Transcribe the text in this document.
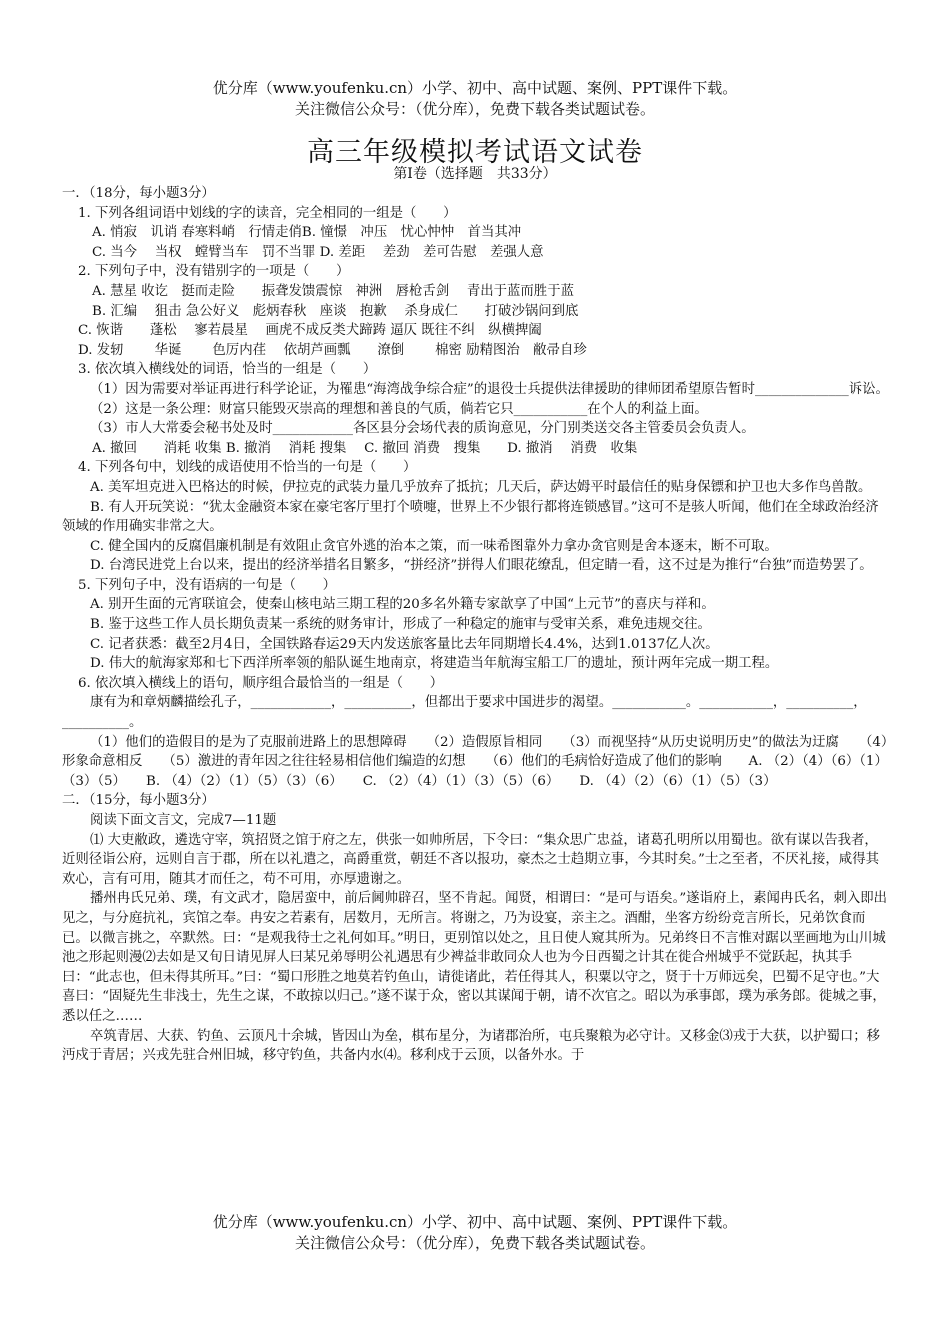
优分库（www.youfenku.cn）小学、初中、高中试题、案例、PPT课件下载。
关注微信公众号：（优分库），免费下载各类试题试卷。
高三年级模拟考试语文试卷
第Ⅰ卷（选择题　共33分）

一．（18分，每小题3分）

1. 下列各组词语中划线的字的读音，完全相同的一组是（　　）

A. 悄寂　讥诮 春寒料峭　行情走俏B. 憧憬　冲压　忧心忡忡　首当其冲

C. 当今　 当权　螳臂当车　罚不当罪 D. 差距　 差劲　差可告慰　差强人意

2. 下列句子中，没有错别字的一项是（　　）

A. 慧星 收讫　挺而走险　　振聋发馈震惊　神洲　唇枪舌剑　 青出于蓝而胜于蓝

B. 汇编　 狙击 急公好义　彪炳春秋　座谈　抱歉　 杀身成仁　　打破沙锅问到底

C. 恢谐　　蓬松　 寥若晨星　 画虎不成反类犬蹄踌 逼仄 既往不纠　纵横捭阖

D. 发轫　　 华诞　　 色厉内荏　 依胡芦画瓢　　潦倒　　 棉密 励精图治　敝帚自珍

3. 依次填入横线处的词语，恰当的一组是（　　）

（1）因为需要对举证再进行科学论证，为罹患“海湾战争综合症”的退役士兵提供法律援助的律师团希望原告暂时______________诉讼。

（2）这是一条公理：财富只能毁灭崇高的理想和善良的气质，倘若它只___________在个人的利益上面。

（3）市人大常委会秘书处及时____________各区县分会场代表的质询意见，分门别类送交各主管委员会负责人。

A. 撤回　　消耗 收集 B. 撤消　 消耗 搜集　 C. 撤回 消费　搜集　　D. 撤消　 消费　收集

4. 下列各句中，划线的成语使用不恰当的一句是（　　）

A. 美军坦克进入巴格达的时候，伊拉克的武装力量几乎放弃了抵抗；几天后，萨达姆平时最信任的贴身保镖和护卫也大多作鸟兽散。

B. 有人开玩笑说：“犹太金融资本家在豪宅客厅里打个喷嚏，世界上不少银行都将连锁感冒。”这可不是骇人听闻，他们在全球政治经济领域的作用确实非常之大。

C. 健全国内的反腐倡廉机制是有效阻止贪官外逃的治本之策，而一味希图靠外力拿办贪官则是舍本逐末，断不可取。

D. 台湾民进党上台以来，提出的经济举措名目繁多，“拼经济”拼得人们眼花缭乱，但定睛一看，这不过是为推行“台独”而造势罢了。

5. 下列句子中，没有语病的一句是（　　）

A. 别开生面的元宵联谊会，使秦山核电站三期工程的20多名外籍专家歆享了中国“上元节”的喜庆与祥和。

B. 鉴于这些工作人员长期负责某一系统的财务审计，形成了一种稳定的施审与受审关系，难免违规交往。

C. 记者获悉：截至2月4日，全国铁路春运29天内发送旅客量比去年同期增长4.4%，达到1.0137亿人次。

D. 伟大的航海家郑和七下西洋所率领的船队诞生地南京，将建造当年航海宝船工厂的遗址，预计两年完成一期工程。

6. 依次填入横线上的语句，顺序组合最恰当的一组是（　　）

康有为和章炳麟描绘孔子，____________，__________，但都出于要求中国进步的渴望。___________。___________，__________，__________。

（1）他们的造假目的是为了克服前进路上的思想障碍　　（2）造假原旨相同　　（3）而视坚持“从历史说明历史”的做法为迂腐　　（4）形象命意相反　　（5）激进的青年因之往往轻易相信他们编造的幻想　　（6）他们的毛病恰好造成了他们的影响　　A. （2）（4）（6）（1）（3）（5）　　B. （4）（2）（1）（5）（3）（6）　　C. （2）（4）（1）（3）（5）（6）　　D. （4）（2）（6）（1）（5）（3）

二．（15分，每小题3分）

阅读下面文言文，完成7—11题

⑴ 大吏敝政，遴选守宰，筑招贤之馆于府之左，供张一如帅所居，下令曰：“集众思广忠益，诸葛孔明所以用蜀也。欲有谋以告我者，近则径诣公府，远则自言于郡，所在以礼遣之，高爵重赏，朝廷不吝以报功，豪杰之士趋期立事，今其时矣。”士之至者，不厌礼接，咸得其欢心，言有可用，随其才而任之，苟不可用，亦厚遗谢之。

播州冉氏兄弟、璞，有文武才，隐居蛮中，前后阃帅辟召，坚不肯起。闻贤，相谓曰：“是可与语矣。”遂诣府上，素闻冉氏名，刺入即出见之，与分庭抗礼，宾馆之奉。冉安之若素有，居数月，无所言。将谢之，乃为设宴，亲主之。酒酣，坐客方纷纷竞言所长，兄弟饮食而已。以微言挑之，卒默然。曰：“是观我待士之礼何如耳。”明日，更别馆以处之，且日使人窥其所为。兄弟终日不言惟对踞以垩画地为山川城池之形起则漫⑵去如是又旬日请见屏人曰某兄弟辱明公礼遇思有少裨益非敢同众人也为今日西蜀之计其在徙合州城乎不觉跃起，执其手曰：“此志也，但未得其所耳。”曰：“蜀口形胜之地莫若钓鱼山，请徙诸此，若任得其人，积粟以守之，贤于十万师远矣，巴蜀不足守也。”大喜曰：“固疑先生非浅士，先生之谋，不敢掠以归己。”遂不谋于众，密以其谋闻于朝，请不次官之。昭以为承事郎，璞为承务郎。徙城之事，悉以任之……

卒筑青居、大获、钓鱼、云顶凡十余城，皆因山为垒，棋布星分，为诸郡治所，屯兵聚粮为必守计。又移金⑶戎于大获，以护蜀口；移沔戍于青居；兴戎先驻合州旧城，移守钓鱼，共备内水⑷。移利戍于云顶，以备外水。于

优分库（www.youfenku.cn）小学、初中、高中试题、案例、PPT课件下载。
关注微信公众号：（优分库），免费下载各类试题试卷。
